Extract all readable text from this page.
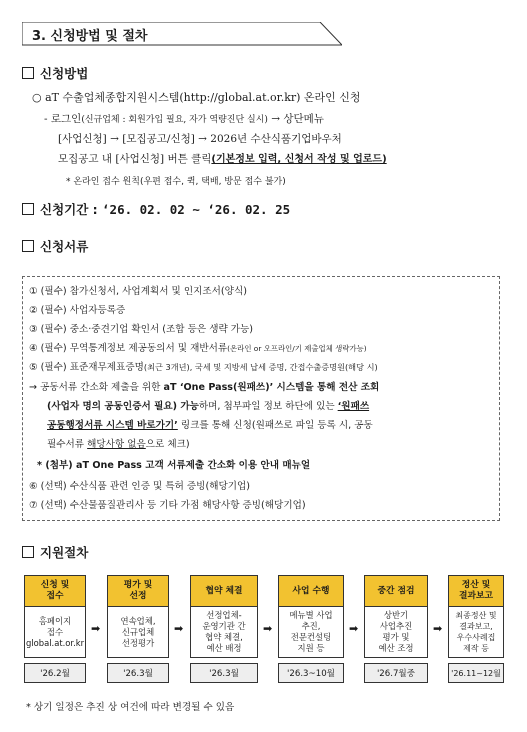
3. 신청방법 및 절차
신청방법
○ aT 수출업체종합지원시스템(http://global.at.or.kr) 온라인 신청
- 로그인(신규업체 : 회원가입 필요, 자가 역량진단 실시) → 상단메뉴
[사업신청] → [모집공고/신청] → 2026년 수산식품기업바우처
모집공고 내 [사업신청] 버튼 클릭(기본정보 입력, 신청서 작성 및 업로드)
* 온라인 접수 원칙(우편 접수, 퀵, 택배, 방문 접수 불가)
신청기간 : ‘26. 02. 02 ~ ‘26. 02. 25
신청서류
① (필수) 참가신청서, 사업계획서 및 인지조서(양식)
② (필수) 사업자등록증
③ (필수) 중소·중견기업 확인서 (조합 등은 생략 가능)
④ (필수) 무역통계정보 제공동의서 및 재반서류(온라인 or 오프라인/기 제출업체 생략가능)
⑤ (필수) 표준재무제표증명(최근 3개년), 국세 및 지방세 납세 증명, 간접수출증명원(해당 시)
→ 공동서류 간소화 제출을 위한 aT ‘One Pass(원패쓰)’ 시스템을 통해 전산 조회
(사업자 명의 공동인증서 필요) 가능하며, 첨부파일 정보 하단에 있는 ‘원패쓰
공동행정서류 시스템 바로가기’ 링크를 통해 신청(원패쓰로 파일 등록 시, 공동
필수서류 해당사항 없음으로 체크)
* (첨부) aT One Pass 고객 서류제출 간소화 이용 안내 매뉴얼
⑥ (선택) 수산식품 관련 인증 및 특허 증빙(해당기업)
⑦ (선택) 수산물품질관리사 등 기타 가점 해당사항 증빙(해당기업)
지원절차
신청 및
접수
홈페이지
접수
global.at.or.kr
'26.2월
➡
평가 및
선정
연속업체,
신규업체
선정평가
'26.3월
➡
협약 체결
선정업체-
운영기관 간
협약 체결,
예산 배정
'26.3월
➡
사업 수행
메뉴별 사업
추진,
전문컨설팅
지원 등
'26.3~10월
➡
중간 점검
상반기
사업추진
평가 및
예산 조정
'26.7월중
➡
정산 및
결과보고
최종정산 및
결과보고,
우수사례집
제작 등
'26.11~12월
* 상기 일정은 추진 상 여건에 따라 변경될 수 있음
